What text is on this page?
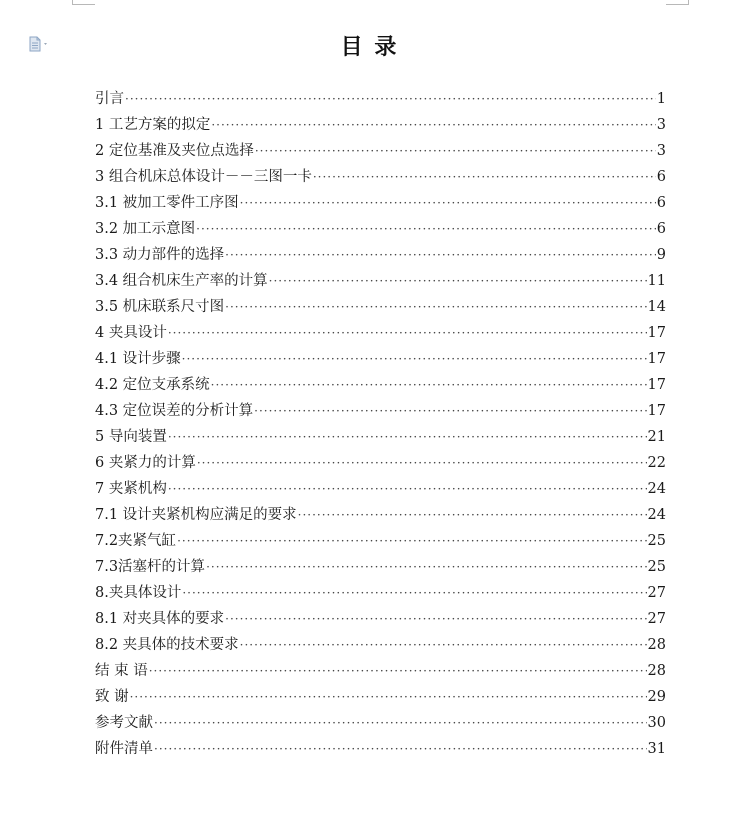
目 录
引言 ·····	1
1 工艺方案的拟定 ·····	3
2 定位基准及夹位点选择 ·····	3
3 组合机床总体设计－－三图一卡 ·····	6
3.1 被加工零件工序图 ·····	6
3.2 加工示意图 ·····	6
3.3 动力部件的选择 ·····	9
3.4 组合机床生产率的计算 ·····	11
3.5 机床联系尺寸图 ·····	14
4 夹具设计 ·····	17
4.1 设计步骤 ·····	17
4.2 定位支承系统 ·····	17
4.3 定位误差的分析计算 ·····	17
5 导向装置 ·····	21
6 夹紧力的计算 ·····	22
7 夹紧机构 ·····	24
7.1 设计夹紧机构应满足的要求 ·····	24
7.2夹紧气缸 ·····	25
7.3活塞杆的计算 ·····	25
8.夹具体设计 ·····	27
8.1 对夹具体的要求 ·····	27
8.2 夹具体的技术要求 ·····	28
结 束 语 ·····	28
致 谢 ·····	29
参考文献 ·····	30
附件清单 ·····	31
